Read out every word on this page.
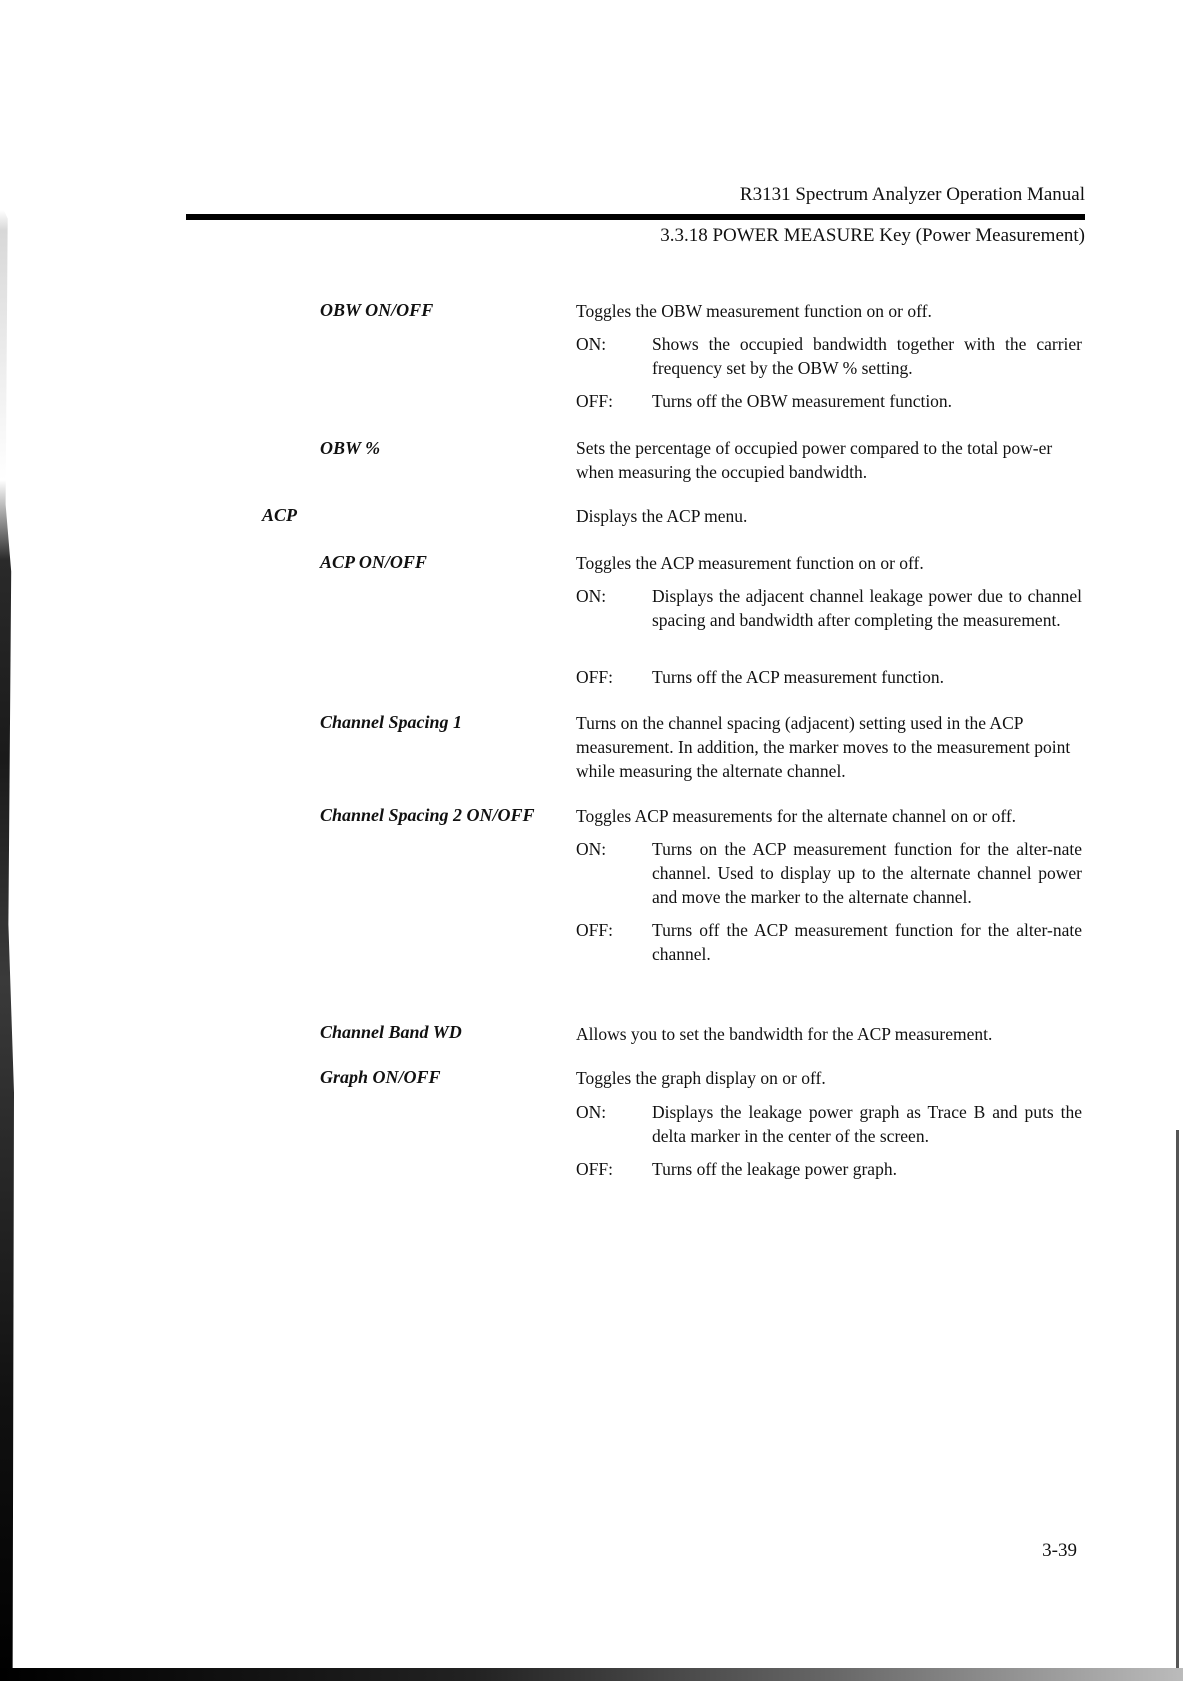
R3131 Spectrum Analyzer Operation Manual
3.3.18 POWER MEASURE Key (Power Measurement)
OBW ON/OFF	Toggles the OBW measurement function on or off.
ON:	Shows the occupied bandwidth together with the carrier frequency set by the OBW % setting.
OFF: Turns off the OBW measurement function.
OBW %	Sets the percentage of occupied power compared to the total pow-er when measuring the occupied bandwidth.
ACP	Displays the ACP menu.
ACP ON/OFF	Toggles the ACP measurement function on or off.
ON:	Displays the adjacent channel leakage power due to channel spacing and bandwidth after completing the measurement.
OFF: Turns off the ACP measurement function.
Channel Spacing 1	Turns on the channel spacing (adjacent) setting used in the ACP measurement. In addition, the marker moves to the measurement point while measuring the alternate channel.
Channel Spacing 2 ON/OFF Toggles ACP measurements for the alternate channel on or off.
ON:	Turns on the ACP measurement function for the alter-nate channel. Used to display up to the alternate channel power and move the marker to the alternate channel.
OFF: Turns off the ACP measurement function for the alter-nate channel.
Channel Band WD	Allows you to set the bandwidth for the ACP measurement.
Graph ON/OFF	Toggles the graph display on or off.
ON:	Displays the leakage power graph as Trace B and puts the delta marker in the center of the screen.
OFF: Turns off the leakage power graph.
3-39
